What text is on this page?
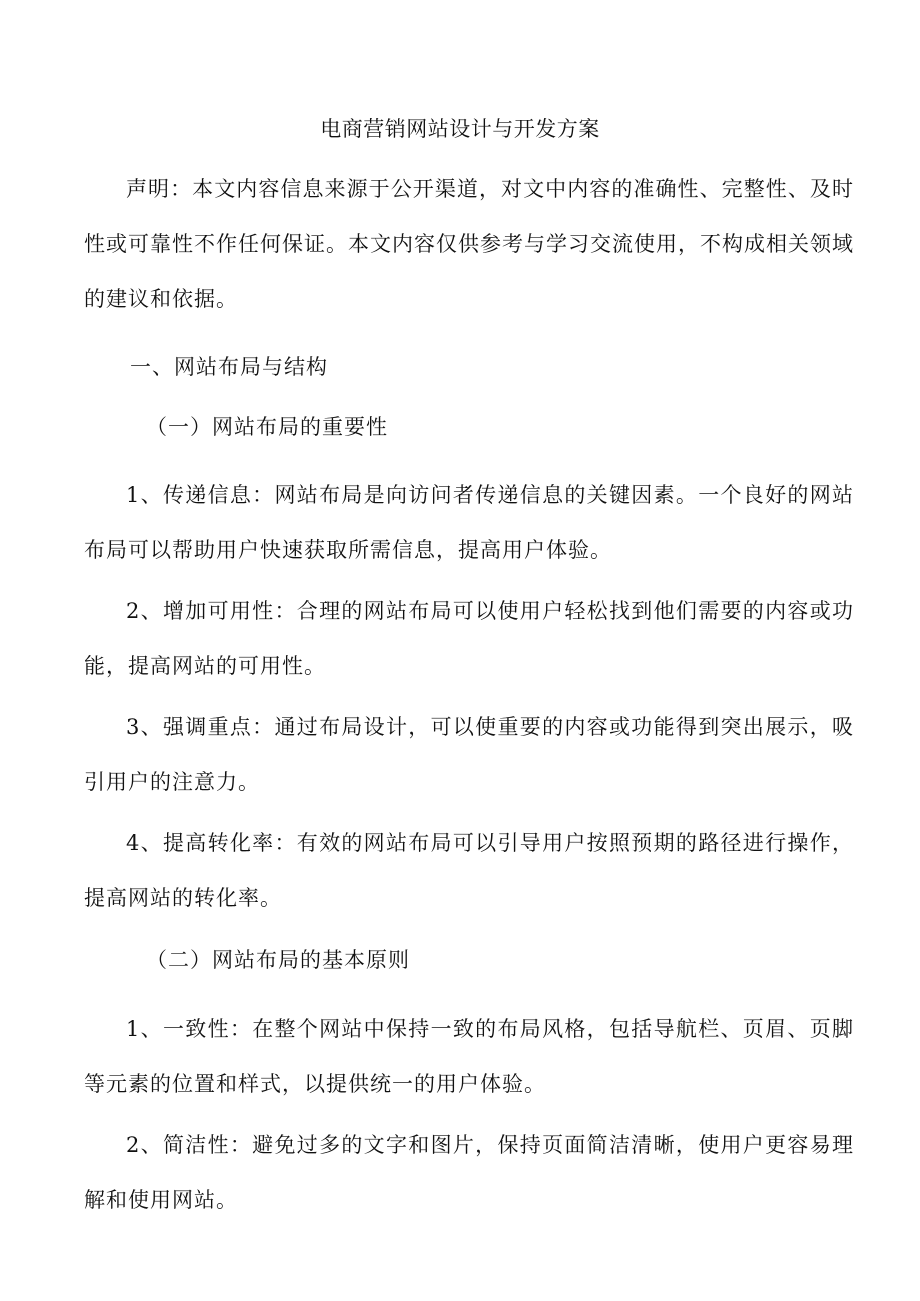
电商营销网站设计与开发方案

声明：本文内容信息来源于公开渠道，对文中内容的准确性、完整性、及时性或可靠性不作任何保证。本文内容仅供参考与学习交流使用，不构成相关领域的建议和依据。

一、网站布局与结构
（一）网站布局的重要性

1、传递信息：网站布局是向访问者传递信息的关键因素。一个良好的网站布局可以帮助用户快速获取所需信息，提高用户体验。

2、增加可用性：合理的网站布局可以使用户轻松找到他们需要的内容或功能，提高网站的可用性。

3、强调重点：通过布局设计，可以使重要的内容或功能得到突出展示，吸引用户的注意力。

4、提高转化率：有效的网站布局可以引导用户按照预期的路径进行操作，提高网站的转化率。

（二）网站布局的基本原则

1、一致性：在整个网站中保持一致的布局风格，包括导航栏、页眉、页脚等元素的位置和样式，以提供统一的用户体验。

2、简洁性：避免过多的文字和图片，保持页面简洁清晰，使用户更容易理解和使用网站。
